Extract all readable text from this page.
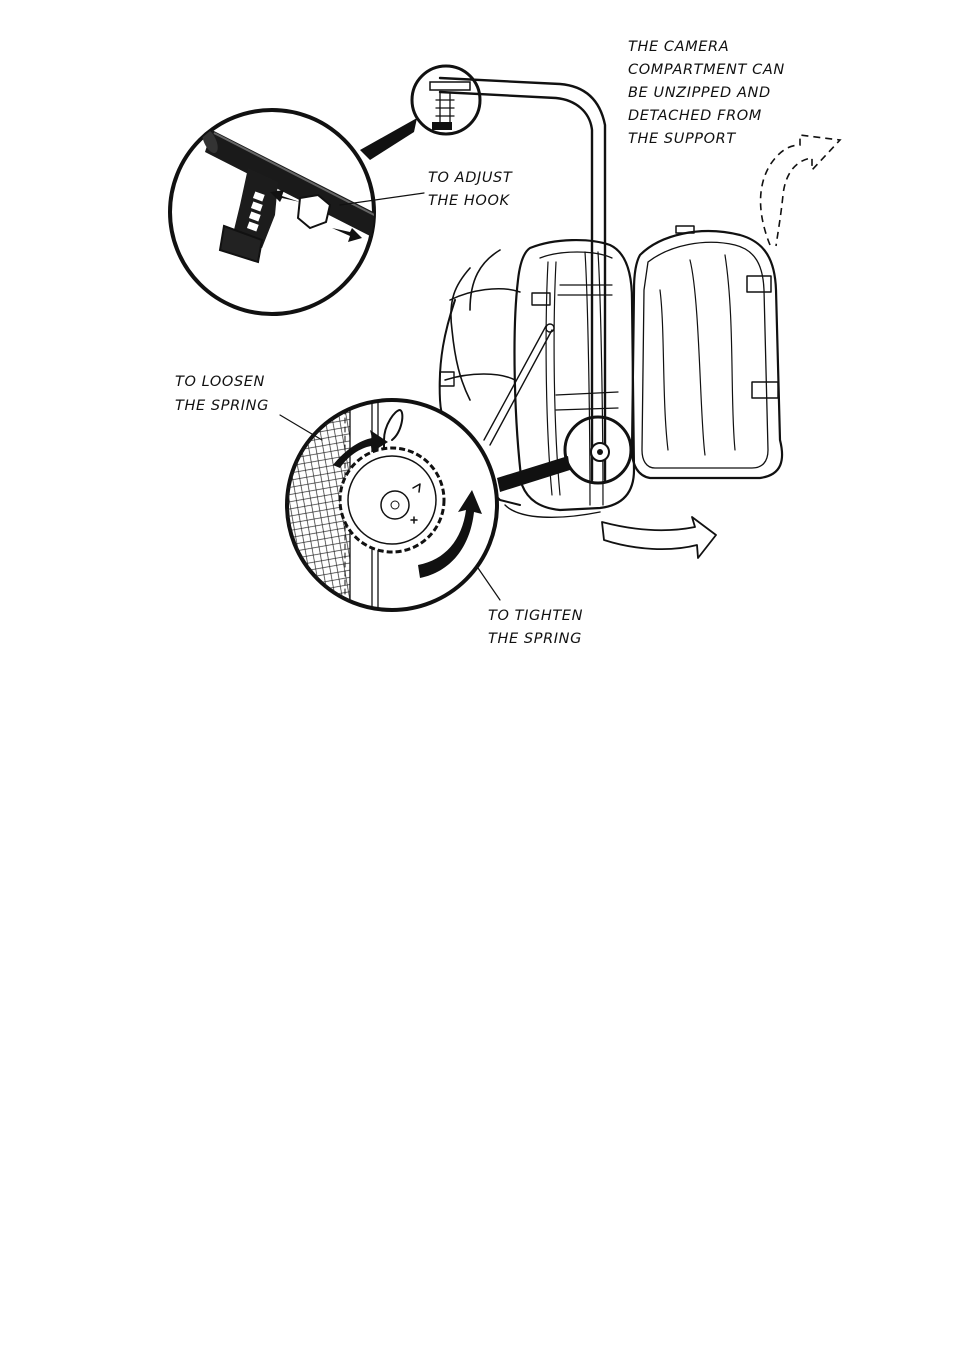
THE CAMERA
COMPARTMENT CAN
BE UNZIPPED AND
DETACHED FROM
THE SUPPORT
TO ADJUST
THE HOOK
TO LOOSEN
THE SPRING
TO TIGHTEN
THE SPRING
